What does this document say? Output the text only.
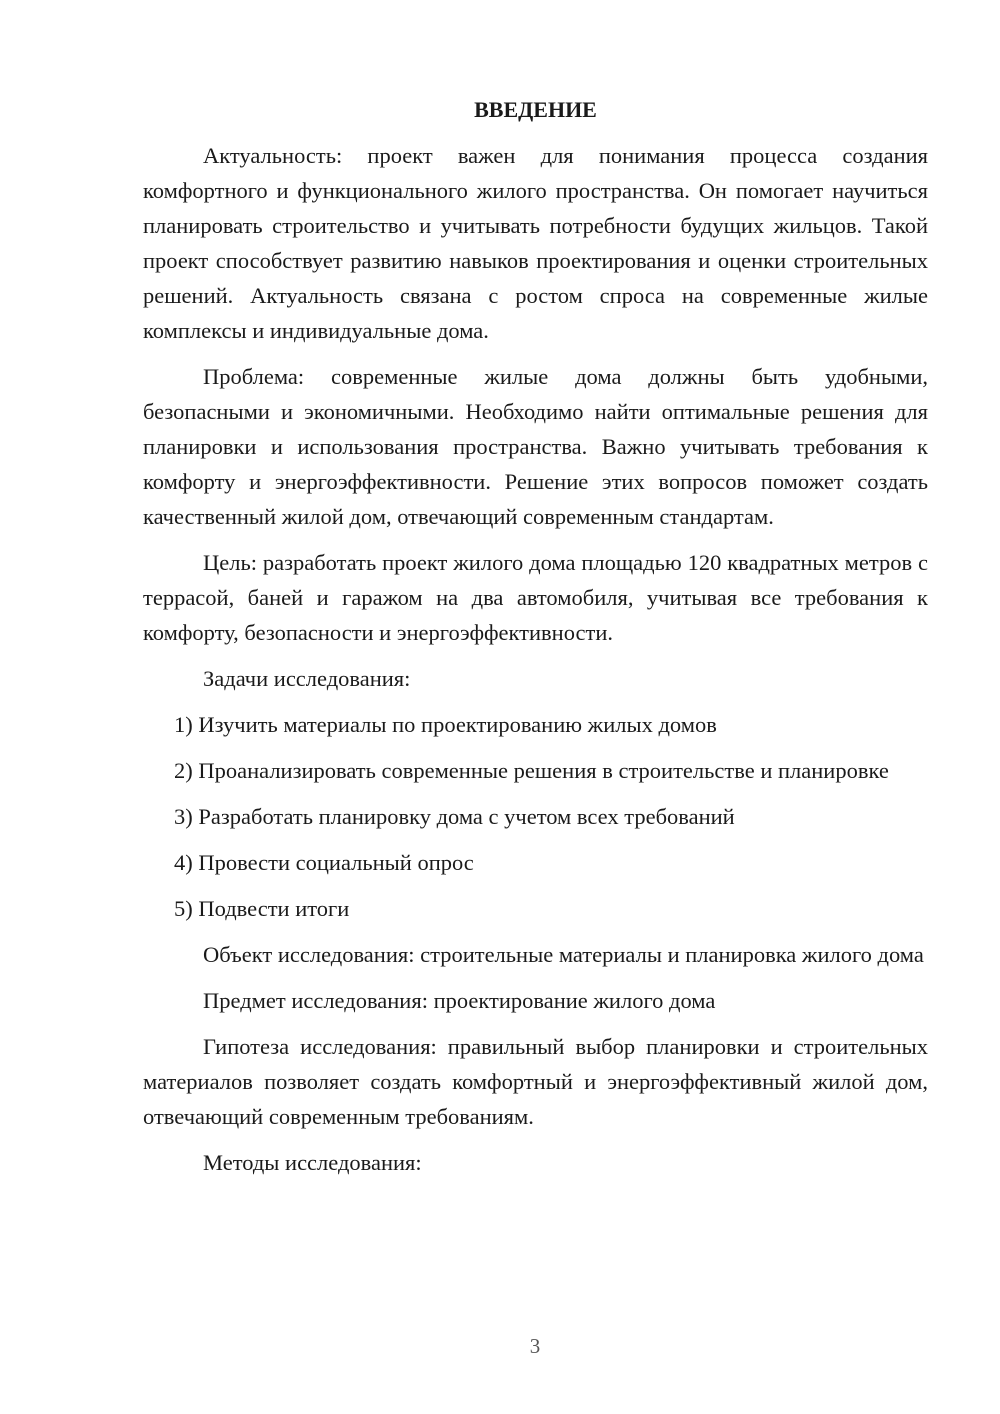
ВВЕДЕНИЕ

Актуальность: проект важен для понимания процесса создания комфортного и функционального жилого пространства. Он помогает научиться планировать строительство и учитывать потребности будущих жильцов. Такой проект способствует развитию навыков проектирования и оценки строительных решений. Актуальность связана с ростом спроса на современные жилые комплексы и индивидуальные дома.

Проблема: современные жилые дома должны быть удобными, безопасными и экономичными. Необходимо найти оптимальные решения для планировки и использования пространства. Важно учитывать требования к комфорту и энергоэффективности. Решение этих вопросов поможет создать качественный жилой дом, отвечающий современным стандартам.

Цель: разработать проект жилого дома площадью 120 квадратных метров с террасой, баней и гаражом на два автомобиля, учитывая все требования к комфорту, безопасности и энергоэффективности.

Задачи исследования:

1) Изучить материалы по проектированию жилых домов

2) Проанализировать современные решения в строительстве и планировке

3) Разработать планировку дома с учетом всех требований

4) Провести социальный опрос

5) Подвести итоги

Объект исследования: строительные материалы и планировка жилого дома

Предмет исследования: проектирование жилого дома

Гипотеза исследования: правильный выбор планировки и строительных материалов позволяет создать комфортный и энергоэффективный жилой дом, отвечающий современным требованиям.

Методы исследования:

3
